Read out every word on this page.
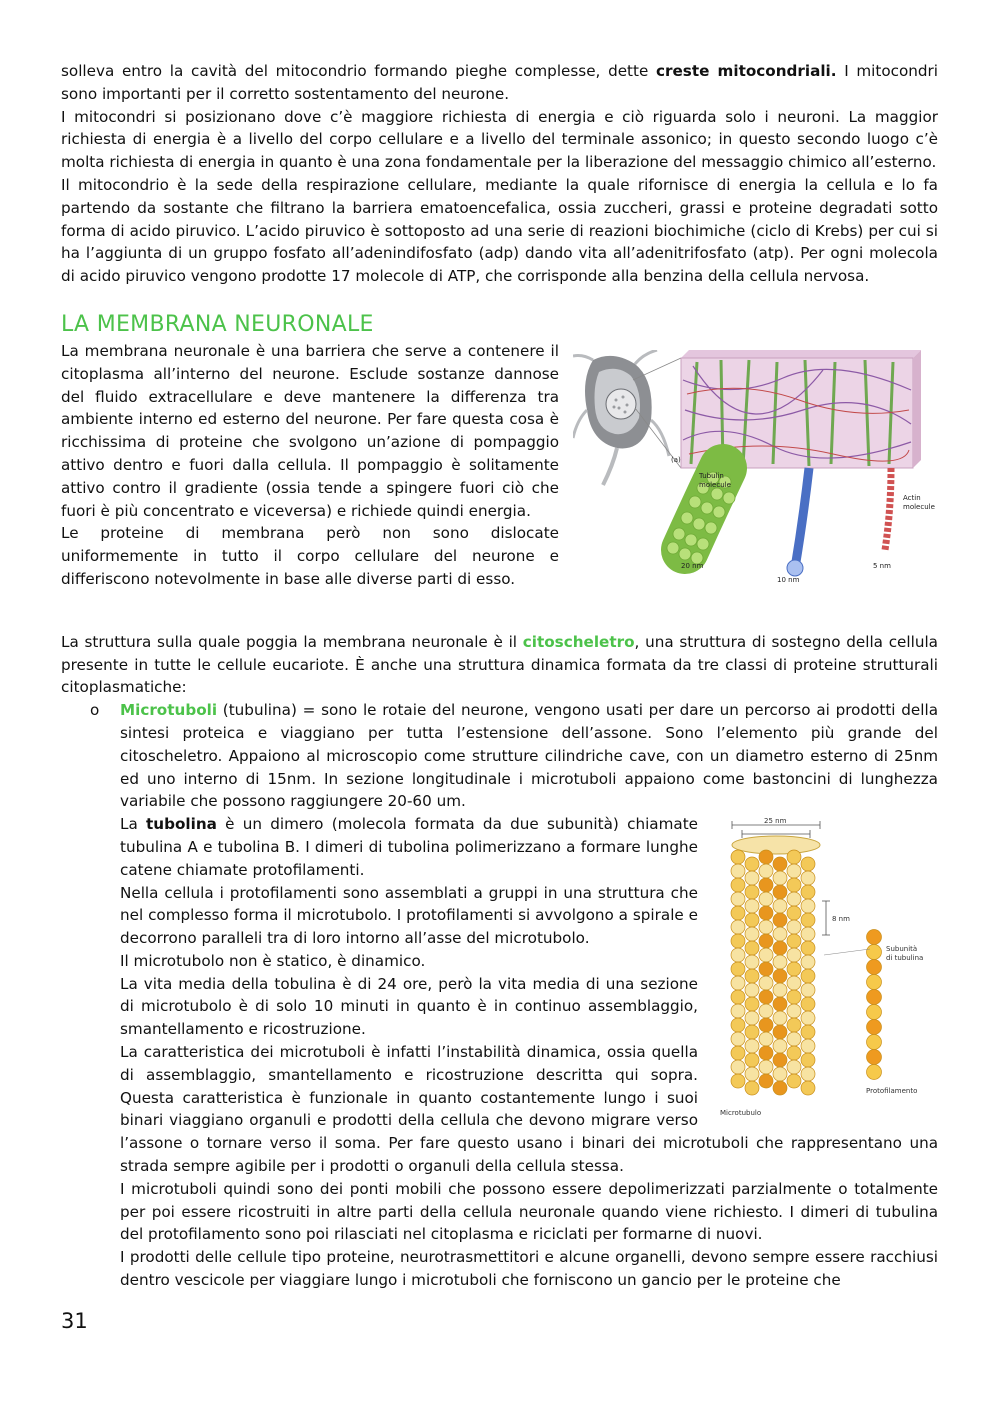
solleva entro la cavità del mitocondrio formando pieghe complesse, dette creste mitocondriali. I mitocondri sono importanti per il corretto sostentamento del neurone.

I mitocondri si posizionano dove c’è maggiore richiesta di energia e ciò riguarda solo i neuroni. La maggior richiesta di energia è a livello del corpo cellulare e a livello del terminale assonico; in questo secondo luogo c’è molta richiesta di energia in quanto è una zona fondamentale per la liberazione del messaggio chimico all’esterno.

Il mitocondrio è la sede della respirazione cellulare, mediante la quale rifornisce di energia la cellula e lo fa partendo da sostante che filtrano la barriera ematoencefalica, ossia zuccheri, grassi e proteine degradati sotto forma di acido piruvico. L’acido piruvico è sottoposto ad una serie di reazioni biochimiche (ciclo di Krebs) per cui si ha l’aggiunta di un gruppo fosfato all’adenindifosfato (adp) dando vita all’adenitrifosfato (atp). Per ogni molecola di acido piruvico vengono prodotte 17 molecole di ATP, che corrisponde alla benzina della cellula nervosa.

LA MEMBRANA NEURONALE
(a)
Tubulin
molecule
Actin
molecule
20 nm
10 nm
5 nm

La membrana neuronale è una barriera che serve a contenere il citoplasma all’interno del neurone. Esclude sostanze dannose del fluido extracellulare e deve mantenere la differenza tra ambiente interno ed esterno del neurone. Per fare questa cosa è ricchissima di proteine che svolgono un’azione di pompaggio attivo dentro e fuori dalla cellula. Il pompaggio è solitamente attivo contro il gradiente (ossia tende a spingere fuori ciò che fuori è più concentrato e viceversa) e richiede quindi energia.

Le proteine di membrana però non sono dislocate uniformemente in tutto il corpo cellulare del neurone e differiscono notevolmente in base alle diverse parti di esso.

La struttura sulla quale poggia la membrana neuronale è il citoscheletro, una struttura di sostegno della cellula presente in tutte le cellule eucariote. È anche una struttura dinamica formata da tre classi di proteine strutturali citoplasmatiche:

o Microtuboli (tubulina) = sono le rotaie del neurone, vengono usati per dare un percorso ai prodotti della sintesi proteica e viaggiano per tutta l’estensione dell’assone. Sono l’elemento più grande del citoscheletro. Appaiono al microscopio come strutture cilindriche cave, con un diametro esterno di 25nm ed uno interno di 15nm. In sezione longitudinale i microtuboli appaiono come bastoncini di lunghezza variabile che possono raggiungere 20-60 um.

25 nm
8 nm
Subunità
di tubulina
Protofilamento
Microtubulo

La tubolina è un dimero (molecola formata da due subunità) chiamate tubulina A e tubolina B. I dimeri di tubolina polimerizzano a formare lunghe catene chiamate protofilamenti.

Nella cellula i protofilamenti sono assemblati a gruppi in una struttura che nel complesso forma il microtubolo. I protofilamenti si avvolgono a spirale e decorrono paralleli tra di loro intorno all’asse del microtubolo.

Il microtubolo non è statico, è dinamico.

La vita media della tobulina è di 24 ore, però la vita media di una sezione di microtubolo è di solo 10 minuti in quanto è in continuo assemblaggio, smantellamento e ricostruzione.

La caratteristica dei microtuboli è infatti l’instabilità dinamica, ossia quella di assemblaggio, smantellamento e ricostruzione descritta qui sopra. Questa caratteristica è funzionale in quanto costantemente lungo i suoi binari viaggiano organuli e prodotti della cellula che devono migrare verso l’assone o tornare verso il soma. Per fare questo usano i binari dei microtuboli che rappresentano una strada sempre agibile per i prodotti o organuli della cellula stessa.

I microtuboli quindi sono dei ponti mobili che possono essere depolimerizzati parzialmente o totalmente per poi essere ricostruiti in altre parti della cellula neuronale quando viene richiesto. I dimeri di tubulina del protofilamento sono poi rilasciati nel citoplasma e riciclati per formarne di nuovi.

I prodotti delle cellule tipo proteine, neurotrasmettitori e alcune organelli, devono sempre essere racchiusi dentro vescicole per viaggiare lungo i microtuboli che forniscono un gancio per le proteine che

31
